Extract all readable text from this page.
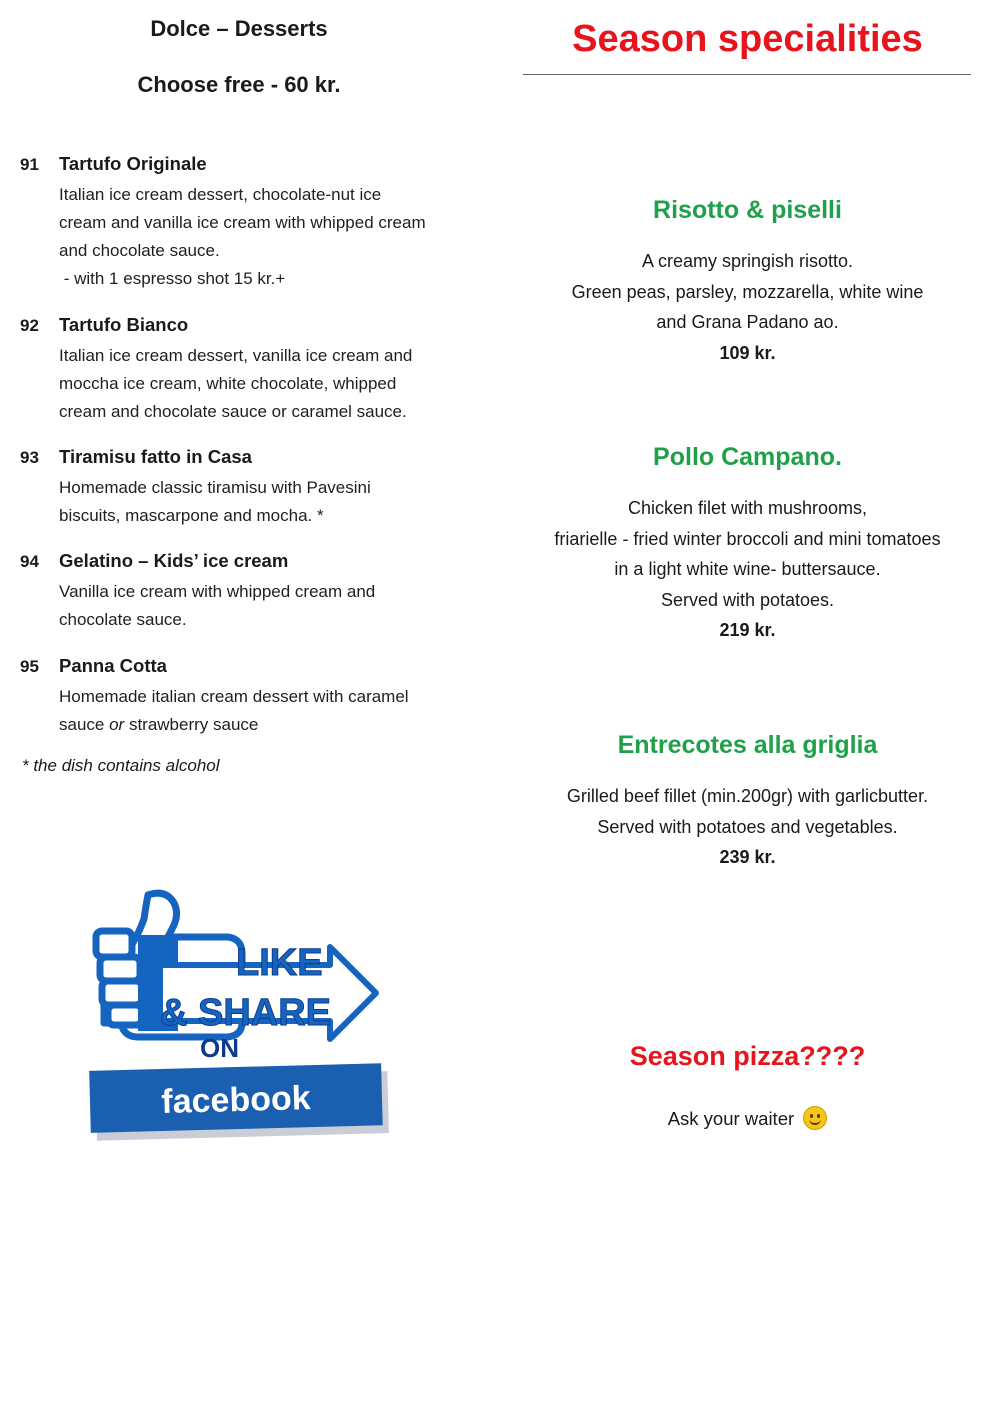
Dolce – Desserts
Choose free - 60 kr.
91	Tartufo Originale

Italian ice cream dessert, chocolate-nut ice

cream and vanilla ice cream with whipped cream

and chocolate sauce.

- with 1 espresso shot 15 kr.+

92	Tartufo Bianco

Italian ice cream dessert, vanilla ice cream and

moccha ice cream, white chocolate, whipped

cream and chocolate sauce or caramel sauce.

93	Tiramisu fatto in Casa

Homemade classic tiramisu with Pavesini

biscuits, mascarpone and mocha. *

94	Gelatino – Kids’ ice cream

Vanilla ice cream with whipped cream and

chocolate sauce.

95	Panna Cotta

Homemade italian cream dessert with caramel

sauce or strawberry sauce

* the dish contains alcohol
LIKE
& SHARE
ON
facebook
Season specialities
Risotto & piselli

A creamy springish risotto.

Green peas, parsley, mozzarella, white wine

and Grana Padano ao.

109 kr.

Pollo Campano.

Chicken filet with mushrooms,

friarielle - fried winter broccoli and mini tomatoes

in a light white wine- buttersauce.

Served with potatoes.

219 kr.

Entrecotes alla griglia

Grilled beef fillet (min.200gr) with garlicbutter.

Served with potatoes and vegetables.

239 kr.

Season pizza????
Ask your waiter
